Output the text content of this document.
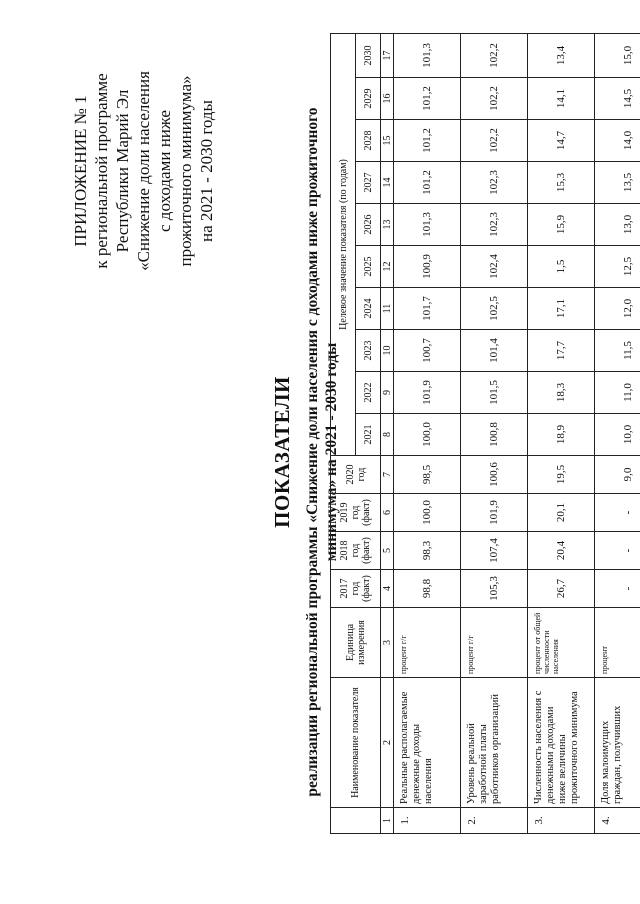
ПРИЛОЖЕНИЕ № 1 к региональной программе Республики Марий Эл «Снижение доли населения с доходами ниже прожиточного минимума» на 2021 - 2030 годы
ПОКАЗАТЕЛИ реализации региональной программы «Снижение доли населения с доходами ниже прожиточного минимума» на 2021 - 2030 годы
	Наименование показателя	Единица измерения	2017 год (факт)	2018 год (факт)	2019 год (факт)	2020 год	Целевое значение показателя (по годам)									
							2021	2022	2023	2024	2025	2026	2027	2028	2029	2030
1	2	3	4	5	6	7	8	9	10	11	12	13	14	15	16	17
1.	Реальные располагаемые денежные доходы населения	процент г/г	98,8	98,3	100,0	98,5	100,0	101,9	100,7	101,7	100,9	101,3	101,2	101,2	101,2	101,3
2.	Уровень реальной заработной платы работников организаций	процент г/г	105,3	107,4	101,9	100,6	100,8	101,5	101,4	102,5	102,4	102,3	102,3	102,2	102,2	102,2
3.	Численность населения с денежными доходами ниже величины прожиточного минимума	процент от общей численности населения	26,7	20,4	20,1	19,5	18,9	18,3	17,7	17,1	1,5	15,9	15,3	14,7	14,1	13,4
4.	Доля малоимущих граждан, получивших	процент	-	-	-	9,0	10,0	11,0	11,5	12,0	12,5	13,0	13,5	14,0	14,5	15,0
